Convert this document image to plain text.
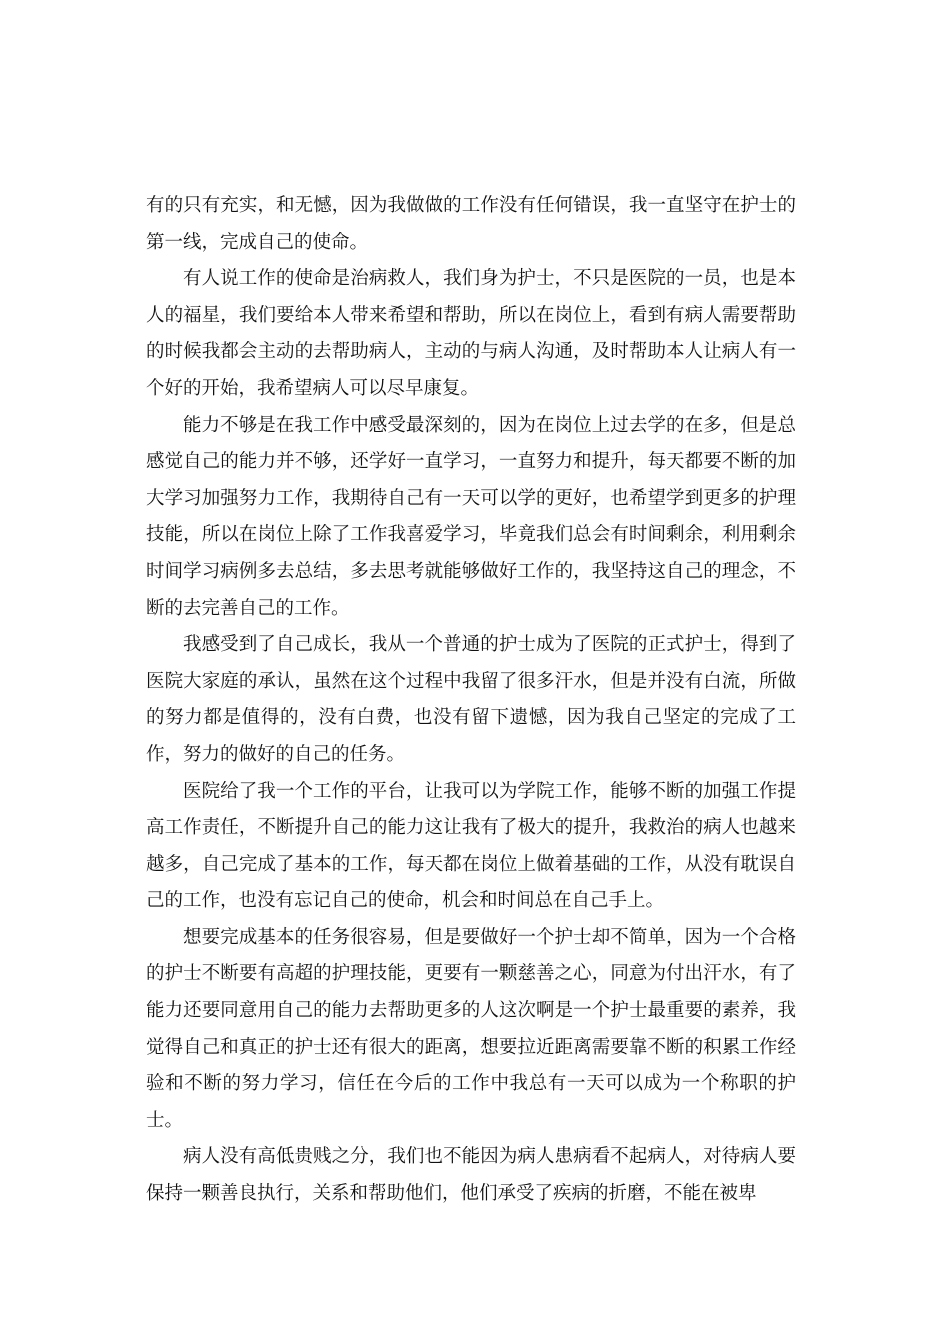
有的只有充实，和无憾，因为我做做的工作没有任何错误，我一直坚守在护士的第一线，完成自己的使命。

有人说工作的使命是治病救人，我们身为护士，不只是医院的一员，也是本人的福星，我们要给本人带来希望和帮助，所以在岗位上，看到有病人需要帮助的时候我都会主动的去帮助病人，主动的与病人沟通，及时帮助本人让病人有一个好的开始，我希望病人可以尽早康复。

能力不够是在我工作中感受最深刻的，因为在岗位上过去学的在多，但是总感觉自己的能力并不够，还学好一直学习，一直努力和提升，每天都要不断的加大学习加强努力工作，我期待自己有一天可以学的更好，也希望学到更多的护理技能，所以在岗位上除了工作我喜爱学习，毕竟我们总会有时间剩余，利用剩余时间学习病例多去总结，多去思考就能够做好工作的，我坚持这自己的理念，不断的去完善自己的工作。

我感受到了自己成长，我从一个普通的护士成为了医院的正式护士，得到了医院大家庭的承认，虽然在这个过程中我留了很多汗水，但是并没有白流，所做的努力都是值得的，没有白费，也没有留下遗憾，因为我自己坚定的完成了工作，努力的做好的自己的任务。

医院给了我一个工作的平台，让我可以为学院工作，能够不断的加强工作提高工作责任，不断提升自己的能力这让我有了极大的提升，我救治的病人也越来越多，自己完成了基本的工作，每天都在岗位上做着基础的工作，从没有耽误自己的工作，也没有忘记自己的使命，机会和时间总在自己手上。

想要完成基本的任务很容易，但是要做好一个护士却不简单，因为一个合格的护士不断要有高超的护理技能，更要有一颗慈善之心，同意为付出汗水，有了能力还要同意用自己的能力去帮助更多的人这次啊是一个护士最重要的素养，我觉得自己和真正的护士还有很大的距离，想要拉近距离需要靠不断的积累工作经验和不断的努力学习，信任在今后的工作中我总有一天可以成为一个称职的护士。

病人没有高低贵贱之分，我们也不能因为病人患病看不起病人，对待病人要保持一颗善良执行，关系和帮助他们，他们承受了疾病的折磨，不能在被卑
